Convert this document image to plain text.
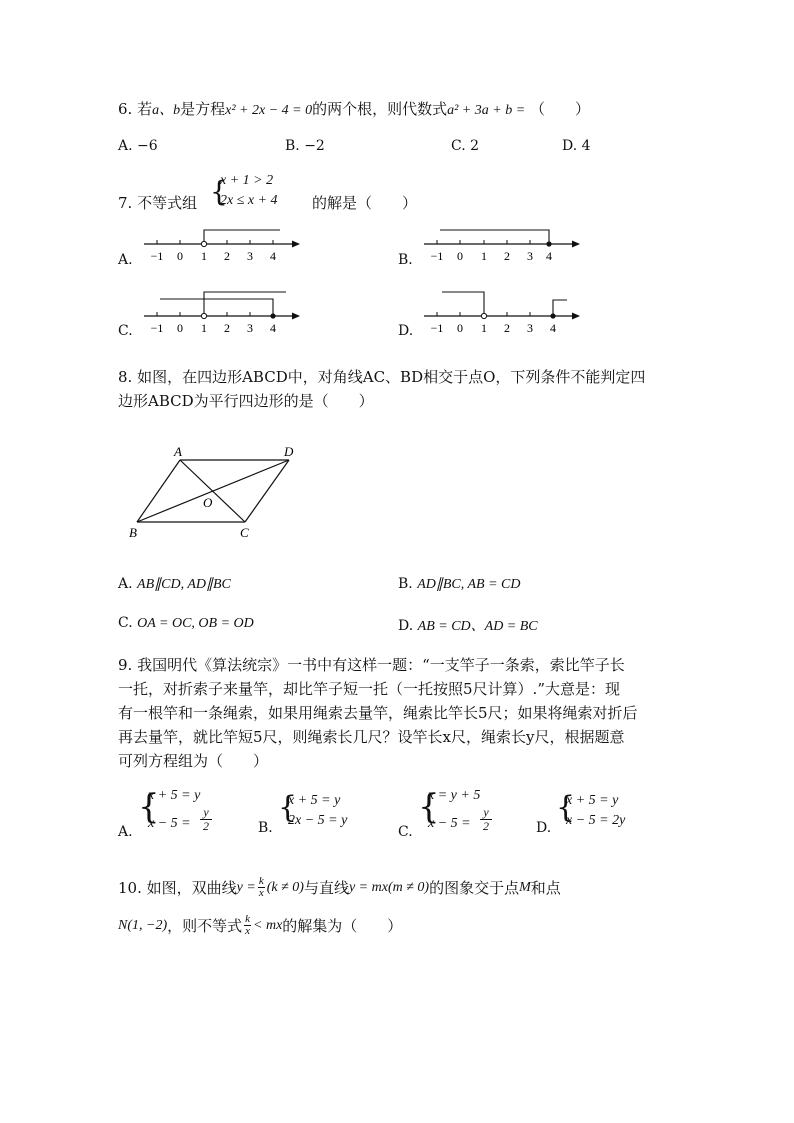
6. 若a、b是方程x² + 2x − 4 = 0的两个根，则代数式a² + 3a + b = （　　）
A. −6	B. −2	C. 2	D. 4
7. 不等式组 {
x + 1 > 2
2x ≤ x + 4 的解是（　　）
A.	B.
C.	D.
−1 0 1 2 3 4	−1 0 1 2 3 4
−1 0 1 2 3 4	−1 0 1 2 3 4
8. 如图，在四边形ABCD中，对角线AC、BD相交于点O，下列条件不能判定四
边形ABCD为平行四边形的是（　　）
A	D
B	C
O
A. AB∥CD, AD∥BC	B. AD∥BC, AB = CD
C. OA = OC, OB = OD	D. AB = CD、AD = BC
9. 我国明代《算法统宗》一书中有这样一题：“一支竿子一条索，索比竿子长
一托，对折索子来量竿，却比竿子短一托（一托按照5尺计算）.”大意是：现
有一根竿和一条绳索，如果用绳索去量竿，绳索比竿长5尺；如果将绳索对折后
再去量竿，就比竿短5尺，则绳索长几尺？设竿长x尺，绳索长y尺，根据题意
可列方程组为（　　）
A.
{
x + 5 = y
x − 5 =
y
2	B.
{
x + 5 = y
2x − 5 = y
C.
{
x = y + 5
x − 5 =
y
2	D.
{
x + 5 = y
x − 5 = 2y
10.
如图，双曲线 $y = \frac{k}{x} (k \ne 0)$ 与直线 y = mx (m ≠ 0) 的图象交于点 M 和点
N(1, −2) ，则不等式 k
x < mx 的解集为（　　）
